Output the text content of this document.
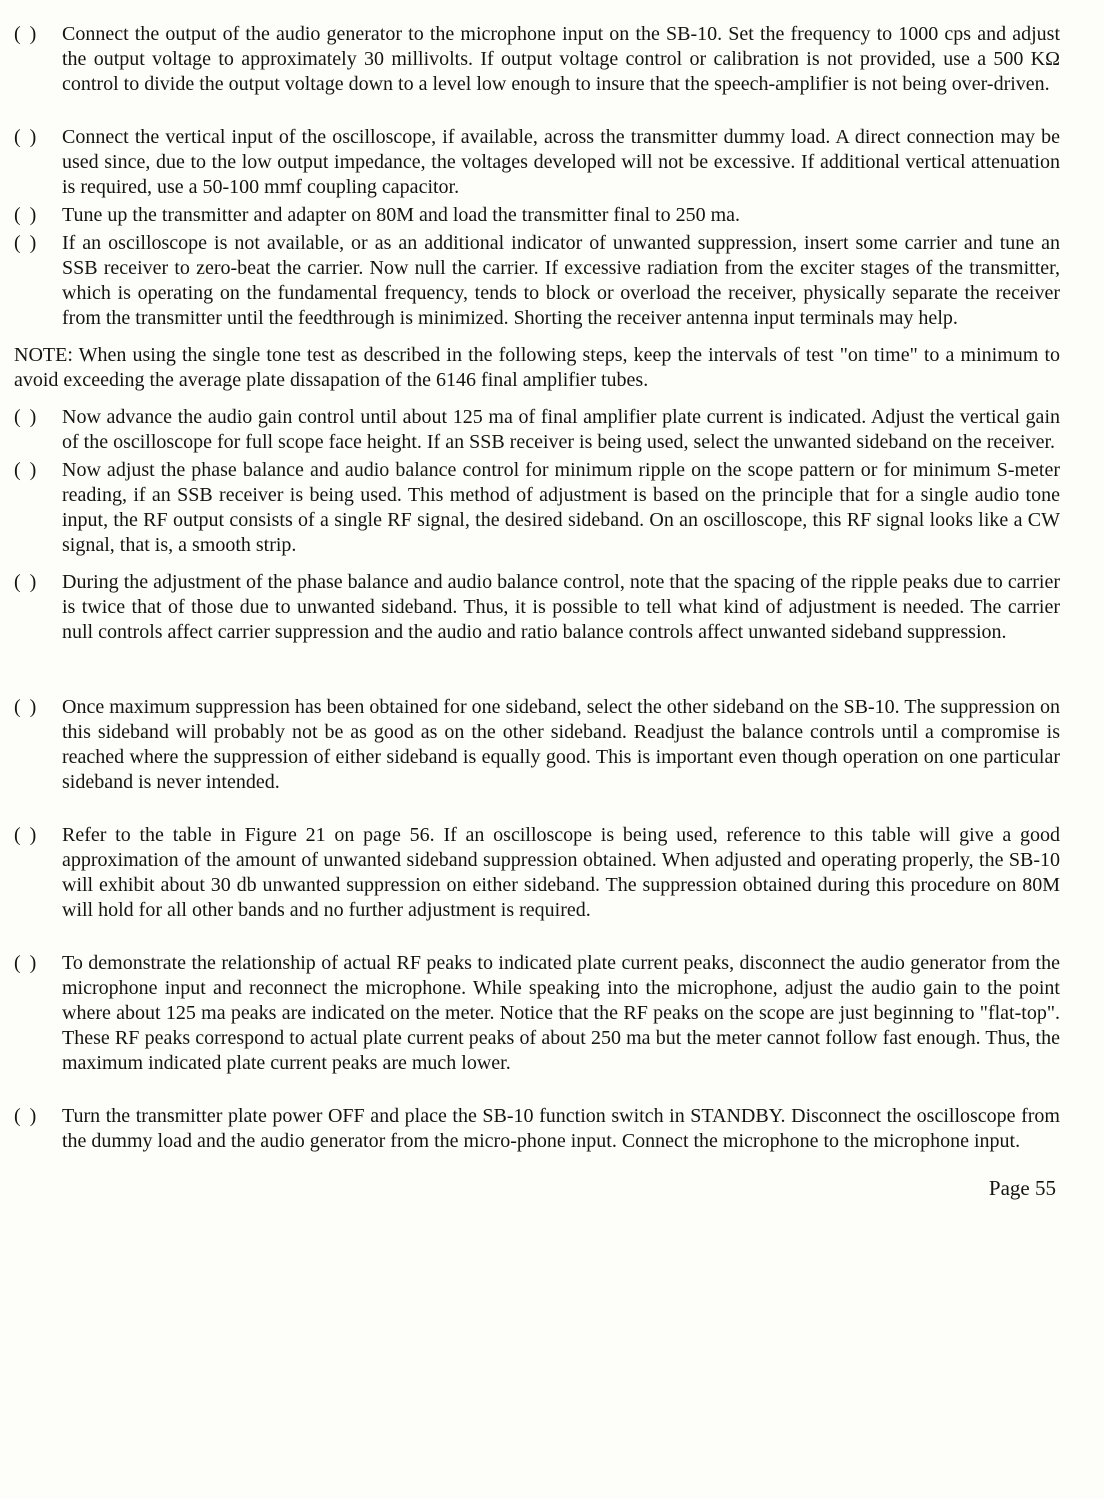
( )	Connect the output of the audio generator to the microphone input on the SB-10. Set the frequency to 1000 cps and adjust the output voltage to approximately 30 millivolts. If output voltage control or calibration is not provided, use a 500 KΩ control to divide the output voltage down to a level low enough to insure that the speech-amplifier is not being over-driven.

( )	Connect the vertical input of the oscilloscope, if available, across the transmitter dummy load. A direct connection may be used since, due to the low output impedance, the voltages developed will not be excessive. If additional vertical attenuation is required, use a 50-100 mmf coupling capacitor.

( )	Tune up the transmitter and adapter on 80M and load the transmitter final to 250 ma.

( )	If an oscilloscope is not available, or as an additional indicator of unwanted suppression, insert some carrier and tune an SSB receiver to zero-beat the carrier. Now null the carrier. If excessive radiation from the exciter stages of the transmitter, which is operating on the fundamental frequency, tends to block or overload the receiver, physically separate the receiver from the transmitter until the feedthrough is minimized. Shorting the receiver antenna input terminals may help.

NOTE: When using the single tone test as described in the following steps, keep the intervals of test "on time" to a minimum to avoid exceeding the average plate dissapation of the 6146 final amplifier tubes.

( )	Now advance the audio gain control until about 125 ma of final amplifier plate current is indicated. Adjust the vertical gain of the oscilloscope for full scope face height. If an SSB receiver is being used, select the unwanted sideband on the receiver.

( )	Now adjust the phase balance and audio balance control for minimum ripple on the scope pattern or for minimum S-meter reading, if an SSB receiver is being used. This method of adjustment is based on the principle that for a single audio tone input, the RF output consists of a single RF signal, the desired sideband. On an oscilloscope, this RF signal looks like a CW signal, that is, a smooth strip.

( )	During the adjustment of the phase balance and audio balance control, note that the spacing of the ripple peaks due to carrier is twice that of those due to unwanted sideband. Thus, it is possible to tell what kind of adjustment is needed. The carrier null controls affect carrier suppression and the audio and ratio balance controls affect unwanted sideband suppression.

( )	Once maximum suppression has been obtained for one sideband, select the other sideband on the SB-10. The suppression on this sideband will probably not be as good as on the other sideband. Readjust the balance controls until a compromise is reached where the suppression of either sideband is equally good. This is important even though operation on one particular sideband is never intended.

( )	Refer to the table in Figure 21 on page 56. If an oscilloscope is being used, reference to this table will give a good approximation of the amount of unwanted sideband suppression obtained. When adjusted and operating properly, the SB-10 will exhibit about 30 db unwanted suppression on either sideband. The suppression obtained during this procedure on 80M will hold for all other bands and no further adjustment is required.

( )	To demonstrate the relationship of actual RF peaks to indicated plate current peaks, disconnect the audio generator from the microphone input and reconnect the microphone. While speaking into the microphone, adjust the audio gain to the point where about 125 ma peaks are indicated on the meter. Notice that the RF peaks on the scope are just beginning to "flat-top". These RF peaks correspond to actual plate current peaks of about 250 ma but the meter cannot follow fast enough. Thus, the maximum indicated plate current peaks are much lower.

( )	Turn the transmitter plate power OFF and place the SB-10 function switch in STANDBY. Disconnect the oscilloscope from the dummy load and the audio generator from the micro-phone input. Connect the microphone to the microphone input.

Page 55
